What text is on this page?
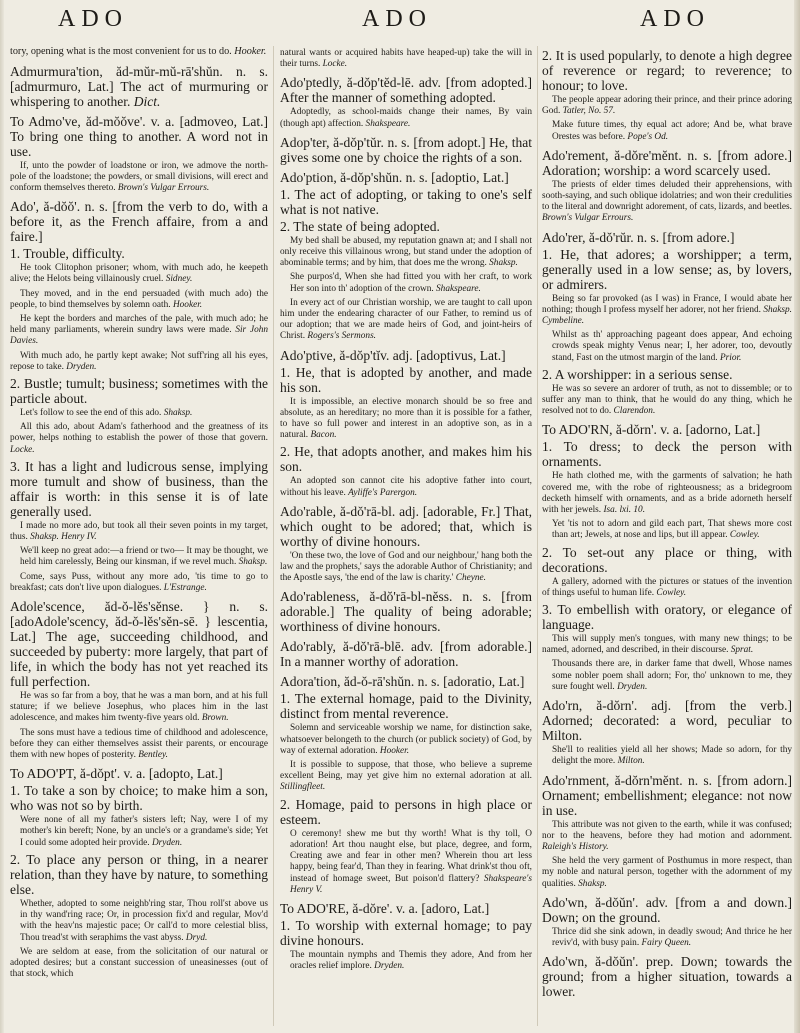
ADO	ADO	ADO
tory, opening what is the most convenient for us to do. Hooker.
Admurmura'tion, ăd-mŭr-mŭ-rā'shŭn. n. s. [admurmuro, Lat.] The act of murmuring or whispering to another. Dict.
To Admo've, ăd-mŏŏve'. v. a. [admoveo, Lat.] To bring one thing to another. A word not in use.
If, unto the powder of loadstone or iron, we admove the north-pole of the loadstone; the powders, or small divisions, will erect and conform themselves thereto. Brown's Vulgar Errours.
Ado', ă-dŏŏ'. n. s. [from the verb to do, with a before it, as the French affaire, from a and faire.]
1. Trouble, difficulty.
He took Clitophon prisoner; whom, with much ado, he keepeth alive; the Helots being villainously cruel. Sidney.
They moved, and in the end persuaded (with much ado) the people, to bind themselves by solemn oath. Hooker.
He kept the borders and marches of the pale, with much ado; he held many parliaments, wherein sundry laws were made. Sir John Davies.
With much ado, he partly kept awake; Not suff'ring all his eyes, repose to take. Dryden.
2. Bustle; tumult; business; sometimes with the particle about.
Let's follow to see the end of this ado. Shaksp.
All this ado, about Adam's fatherhood and the greatness of its power, helps nothing to establish the power of those that govern. Locke.
3. It has a light and ludicrous sense, implying more tumult and show of business, than the affair is worth: in this sense it is of late generally used.
I made no more ado, but took all their seven points in my target, thus. Shaksp. Henry IV.
We'll keep no great ado:—a friend or two— It may be thought, we held him carelessly, Being our kinsman, if we revel much. Shaksp.
Come, says Puss, without any more ado, 'tis time to go to breakfast; cats don't live upon dialogues. L'Estrange.
Adole'scence, ăd-ŏ-lĕs'sĕnse. } n. s. [adoAdole'scency, ăd-ŏ-lĕs'sĕn-sē. } lescentia, Lat.] The age, succeeding childhood, and succeeded by puberty: more largely, that part of life, in which the body has not yet reached its full perfection.
He was so far from a boy, that he was a man born, and at his full stature; if we believe Josephus, who places him in the last adolescence, and makes him twenty-five years old. Brown.
The sons must have a tedious time of childhood and adolescence, before they can either themselves assist their parents, or encourage them with new hopes of posterity. Bentley.
To ADO'PT, ă-dŏpt'. v. a. [adopto, Lat.]
1. To take a son by choice; to make him a son, who was not so by birth.
Were none of all my father's sisters left; Nay, were I of my mother's kin bereft; None, by an uncle's or a grandame's side; Yet I could some adopted heir provide. Dryden.
2. To place any person or thing, in a nearer relation, than they have by nature, to something else.
Whether, adopted to some neighb'ring star, Thou roll'st above us in thy wand'ring race; Or, in procession fix'd and regular, Mov'd with the heav'ns majestic pace; Or call'd to more celestial bliss, Thou tread'st with seraphims the vast abyss. Dryd.
We are seldom at ease, from the solicitation of our natural or adopted desires; but a constant succession of uneasinesses (out of that stock, which
natural wants or acquired habits have heaped-up) take the will in their turns. Locke.
Ado'ptedly, ă-dŏp'tĕd-lē. adv. [from adopted.] After the manner of something adopted.
Adoptedly, as school-maids change their names, By vain (though apt) affection. Shakspeare.
Adop'ter, ă-dŏp'tŭr. n. s. [from adopt.] He, that gives some one by choice the rights of a son.
Ado'ption, ă-dŏp'shŭn. n. s. [adoptio, Lat.]
1. The act of adopting, or taking to one's self what is not native.
2. The state of being adopted.
My bed shall be abused, my reputation gnawn at; and I shall not only receive this villainous wrong, but stand under the adoption of abominable terms; and by him, that does me the wrong. Shaksp.
She purpos'd, When she had fitted you with her craft, to work Her son into th' adoption of the crown. Shakspeare.
In every act of our Christian worship, we are taught to call upon him under the endearing character of our Father, to remind us of our adoption; that we are made heirs of God, and joint-heirs of Christ. Rogers's Sermons.
Ado'ptive, ă-dŏp'tĭv. adj. [adoptivus, Lat.]
1. He, that is adopted by another, and made his son.
It is impossible, an elective monarch should be so free and absolute, as an hereditary; no more than it is possible for a father, to have so full power and interest in an adoptive son, as in a natural. Bacon.
2. He, that adopts another, and makes him his son.
An adopted son cannot cite his adoptive father into court, without his leave. Ayliffe's Parergon.
Ado'rable, ă-dŏ'rā-bl. adj. [adorable, Fr.] That, which ought to be adored; that, which is worthy of divine honours.
'On these two, the love of God and our neighbour,' hang both the law and the prophets,' says the adorable Author of Christianity; and the Apostle says, 'the end of the law is charity.' Cheyne.
Ado'rableness, ă-dŏ'rā-bl-nĕss. n. s. [from adorable.] The quality of being adorable; worthiness of divine honours.
Ado'rably, ă-dŏ'rā-blē. adv. [from adorable.] In a manner worthy of adoration.
Adora'tion, ăd-ŏ-rā'shŭn. n. s. [adoratio, Lat.]
1. The external homage, paid to the Divinity, distinct from mental reverence.
Solemn and serviceable worship we name, for distinction sake, whatsoever belongeth to the church (or publick society) of God, by way of external adoration. Hooker.
It is possible to suppose, that those, who believe a supreme excellent Being, may yet give him no external adoration at all. Stillingfleet.
2. Homage, paid to persons in high place or esteem.
O ceremony! shew me but thy worth! What is thy toll, O adoration! Art thou naught else, but place, degree, and form, Creating awe and fear in other men? Wherein thou art less happy, being fear'd, Than they in fearing. What drink'st thou oft, instead of homage sweet, But poison'd flattery? Shakspeare's Henry V.
To ADO'RE, ă-dŏre'. v. a. [adoro, Lat.]
1. To worship with external homage; to pay divine honours.
The mountain nymphs and Themis they adore, And from her oracles relief implore. Dryden.
2. It is used popularly, to denote a high degree of reverence or regard; to reverence; to honour; to love.
The people appear adoring their prince, and their prince adoring God. Tatler, No. 57.
Make future times, thy equal act adore; And be, what brave Orestes was before. Pope's Od.
Ado'rement, ă-dŏre'mĕnt. n. s. [from adore.] Adoration; worship: a word scarcely used.
The priests of elder times deluded their apprehensions, with sooth-saying, and such oblique idolatries; and won their credulities to the literal and downright adorement, of cats, lizards, and beetles. Brown's Vulgar Errours.
Ado'rer, ă-dŏ'rŭr. n. s. [from adore.]
1. He, that adores; a worshipper; a term, generally used in a low sense; as, by lovers, or admirers.
Being so far provoked (as I was) in France, I would abate her nothing; though I profess myself her adorer, not her friend. Shaksp. Cymbeline.
Whilst as th' approaching pageant does appear, And echoing crowds speak mighty Venus near; I, her adorer, too, devoutly stand, Fast on the utmost margin of the land. Prior.
2. A worshipper: in a serious sense.
He was so severe an ardorer of truth, as not to dissemble; or to suffer any man to think, that he would do any thing, which he resolved not to do. Clarendon.
To ADO'RN, ă-dŏrn'. v. a. [adorno, Lat.]
1. To dress; to deck the person with ornaments.
He hath clothed me, with the garments of salvation; he hath covered me, with the robe of righteousness; as a bridegroom decketh himself with ornaments, and as a bride adorneth herself with her jewels. Isa. lxi. 10.
Yet 'tis not to adorn and gild each part, That shews more cost than art; Jewels, at nose and lips, but ill appear. Cowley.
2. To set-out any place or thing, with decorations.
A gallery, adorned with the pictures or statues of the invention of things useful to human life. Cowley.
3. To embellish with oratory, or elegance of language.
This will supply men's tongues, with many new things; to be named, adorned, and described, in their discourse. Sprat.
Thousands there are, in darker fame that dwell, Whose names some nobler poem shall adorn; For, tho' unknown to me, they sure fought well. Dryden.
Ado'rn, ă-dŏrn'. adj. [from the verb.] Adorned; decorated: a word, peculiar to Milton.
She'll to realities yield all her shows; Made so adorn, for thy delight the more. Milton.
Ado'rnment, ă-dŏrn'mĕnt. n. s. [from adorn.] Ornament; embellishment; elegance: not now in use.
This attribute was not given to the earth, while it was confused; nor to the heavens, before they had motion and adornment. Raleigh's History.
She held the very garment of Posthumus in more respect, than my noble and natural person, together with the adornment of my qualities. Shaksp.
Ado'wn, ă-dŏŭn'. adv. [from a and down.] Down; on the ground.
Thrice did she sink adown, in deadly swoud; And thrice he her reviv'd, with busy pain. Fairy Queen.
Ado'wn, ă-dŏŭn'. prep. Down; towards the ground; from a higher situation, towards a lower.
